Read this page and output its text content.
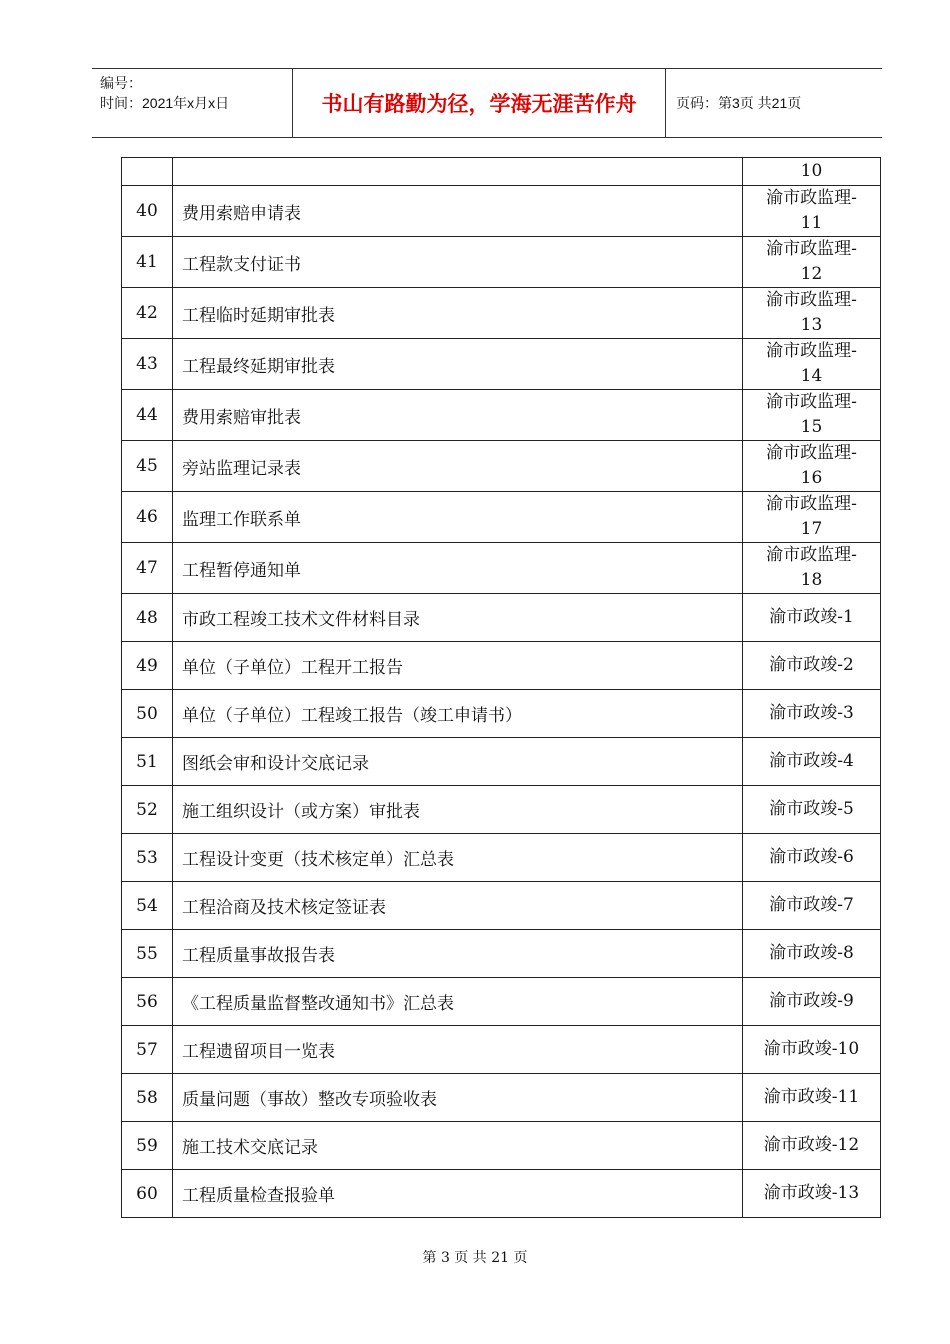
编号：
时间：2021年x月x日	书山有路勤为径，学海无涯苦作舟	页码：第3页 共21页
		10
40	费用索赔申请表	渝市政监理-
11

41	工程款支付证书	渝市政监理-
12

42	工程临时延期审批表	渝市政监理-
13

43	工程最终延期审批表	渝市政监理-
14

44	费用索赔审批表	渝市政监理-
15

45	旁站监理记录表	渝市政监理-
16

46	监理工作联系单	渝市政监理-
17

47	工程暂停通知单	渝市政监理-
18

48	市政工程竣工技术文件材料目录	渝市政竣-1

49	单位（子单位）工程开工报告	渝市政竣-2

50	单位（子单位）工程竣工报告（竣工申请书）	渝市政竣-3

51	图纸会审和设计交底记录	渝市政竣-4

52	施工组织设计（或方案）审批表	渝市政竣-5

53	工程设计变更（技术核定单）汇总表	渝市政竣-6

54	工程洽商及技术核定签证表	渝市政竣-7

55	工程质量事故报告表	渝市政竣-8

56	《工程质量监督整改通知书》汇总表	渝市政竣-9

57	工程遗留项目一览表	渝市政竣-10

58	质量问题（事故）整改专项验收表	渝市政竣-11

59	施工技术交底记录	渝市政竣-12

60	工程质量检查报验单	渝市政竣-13
第 3 页 共 21 页
